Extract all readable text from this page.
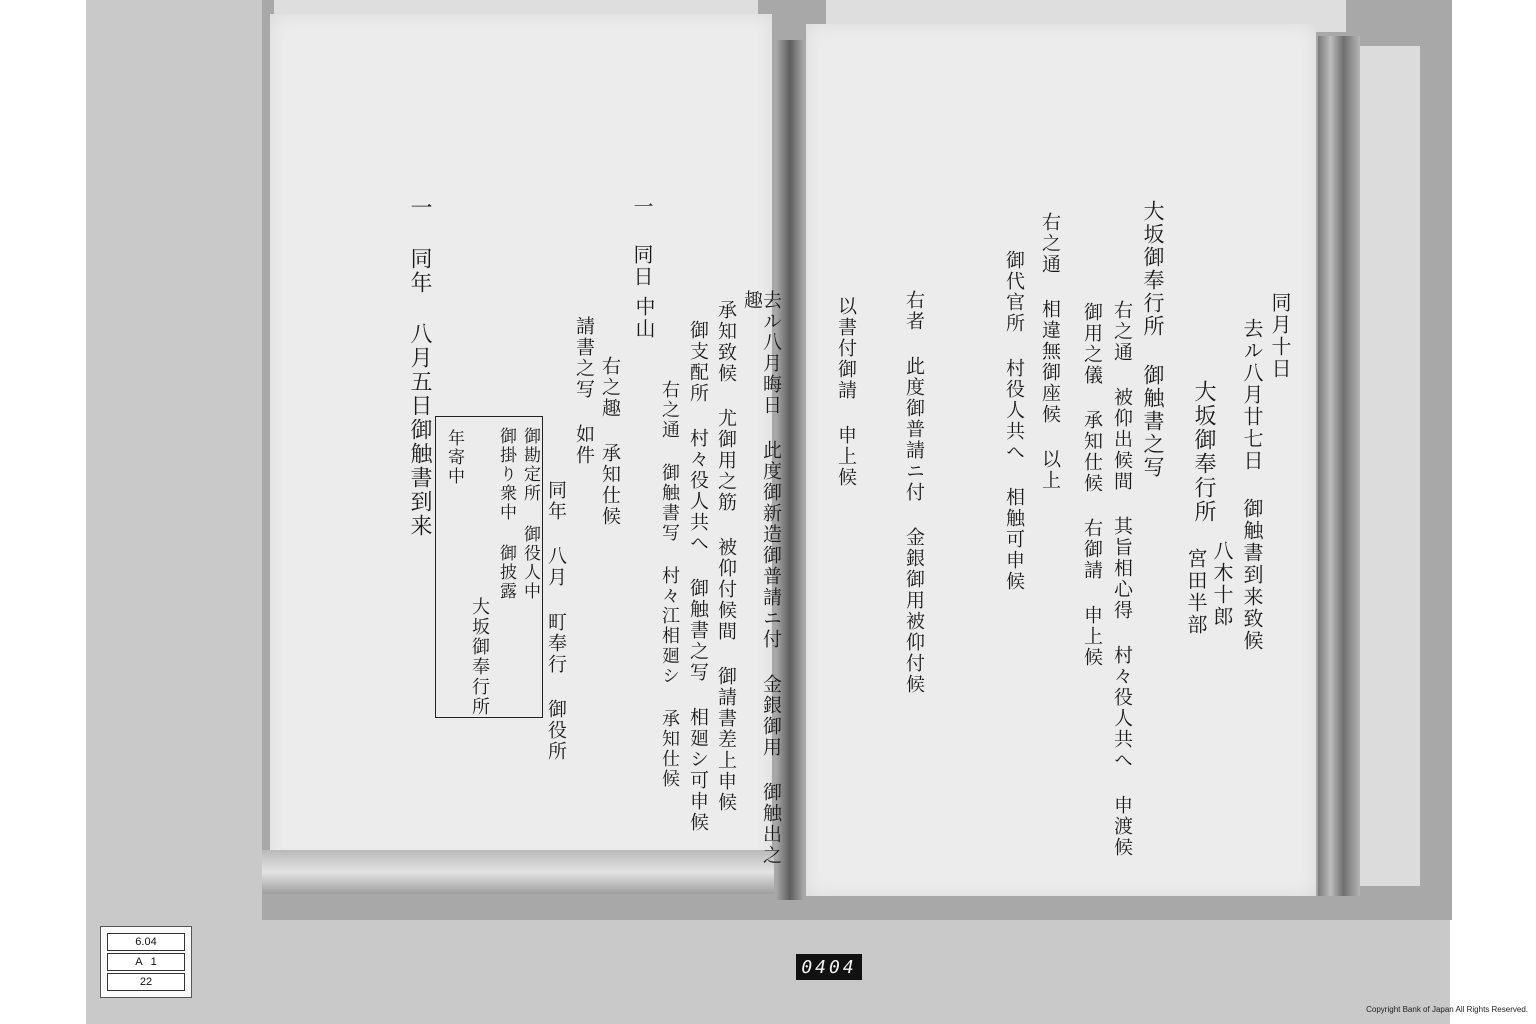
一 同日
一 同年 八月五日御触書到来	去ル八月晦日 此度御新造御普請ニ付 金銀御用 御触出之趣
承知致候 尤御用之筋 被仰付候間 御請書差上申候
御支配所 村々役人共へ 御触書之写 相廻シ可申候
右之通 御触書写 村々江相廻シ 承知仕候
中山
請書之写 如件 右之趣 承知仕候
同年 八月 町奉行 御役所
同月十日
去ル八月廿七日 御触書到来致候
大坂御奉行所
八木十郎
宮田半部
大坂御奉行所 御触書之写
右之通 被仰出候間 其旨相心得 村々役人共へ 申渡候
御用之儀 承知仕候 右御請 申上候
右之通 相違無御座候 以上
御代官所 村役人共へ 相触可申候
右者 此度御普請ニ付 金銀御用被仰付候
以書付御請 申上候
御勘定所 御役人中
御掛り衆中 御披露
大坂御奉行所
年寄中
6.04
A 1
22
0404
Copyright Bank of Japan All Rights Reserved.
